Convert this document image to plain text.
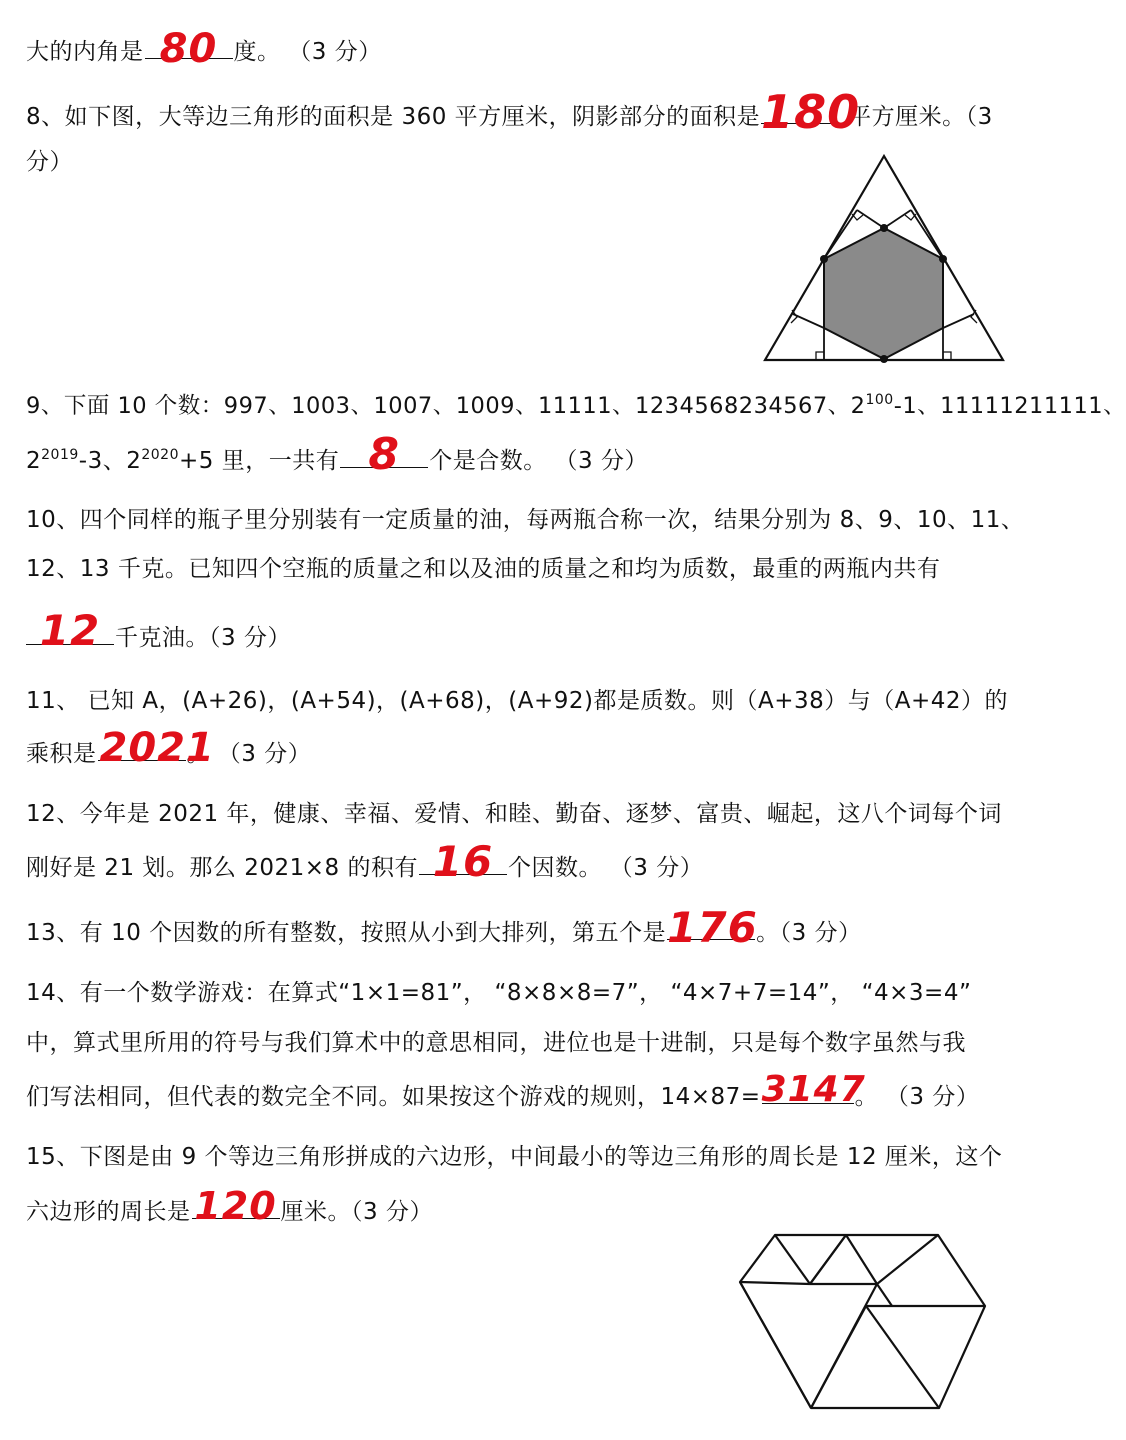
大的内角是 80 度。 （3 分）
8、如下图，大等边三角形的面积是 360 平方厘米，阴影部分的面积是 180
平方厘米。（3
分）
9、下面 10 个数：997、1003、1007、1009、11111、1234568234567、$2^{100}-1$、11111211111、
$2^{2019}-3$、$2^{2020}+5$ 里，一共有 8	个是合数。 （3 分）
10、四个同样的瓶子里分别装有一定质量的油，每两瓶合称一次，结果分别为 8、9、10、11、
12、13 千克。已知四个空瓶的质量之和以及油的质量之和均为质数，最重的两瓶内共有
12 千克油。（3 分）
11、 已知 A，(A+26)，(A+54)，(A+68)，(A+92)都是质数。则（A+38）与（A+42）的
乘积是 2021
。 （3 分）
12、今年是 2021 年，健康、幸福、爱情、和睦、勤奋、逐梦、富贵、崛起，这八个词每个词
刚好是 21 划。那么 2021×8 的积有 16 个因数。 （3 分）
13、有 10 个因数的所有整数，按照从小到大排列，第五个是 176
。（3 分）
14、有一个数学游戏：在算式“1×1=81”， “8×8×8=7”， “4×7+7=14”， “4×3=4”
中，算式里所用的符号与我们算术中的意思相同，进位也是十进制，只是每个数字虽然与我
们写法相同，但代表的数完全不同。如果按这个游戏的规则，14×87= 3147
。 （3 分）
15、下图是由 9 个等边三角形拼成的六边形，中间最小的等边三角形的周长是 12 厘米，这个
六边形的周长是 120 厘米。（3 分）
